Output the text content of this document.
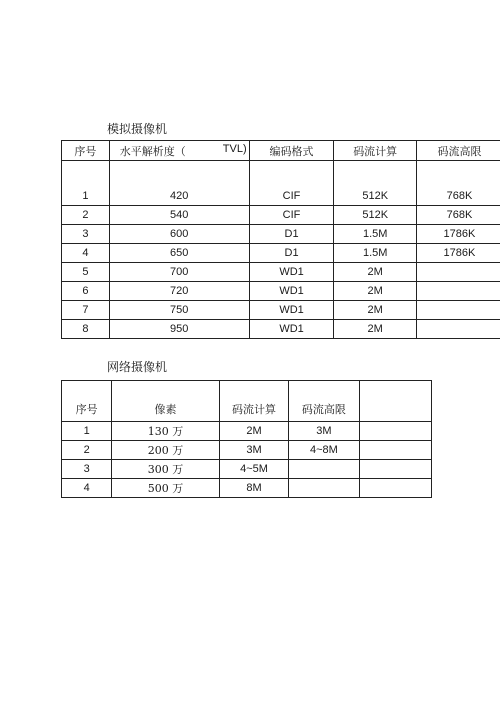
模拟摄像机
序号	水平解析度（ TVL)	编码格式	码流计算	码流高限
1	420	CIF	512K	768K
2	540	CIF	512K	768K
3	600	D1	1.5M	1786K
4	650	D1	1.5M	1786K
5	700	WD1	2M	
6	720	WD1	2M	
7	750	WD1	2M	
8	950	WD1	2M	
网络摄像机
序号	像素	码流计算	码流高限	
1	130 万	2M	3M	
2	200 万	3M	4~8M	
3	300 万	4~5M		
4	500 万	8M		
